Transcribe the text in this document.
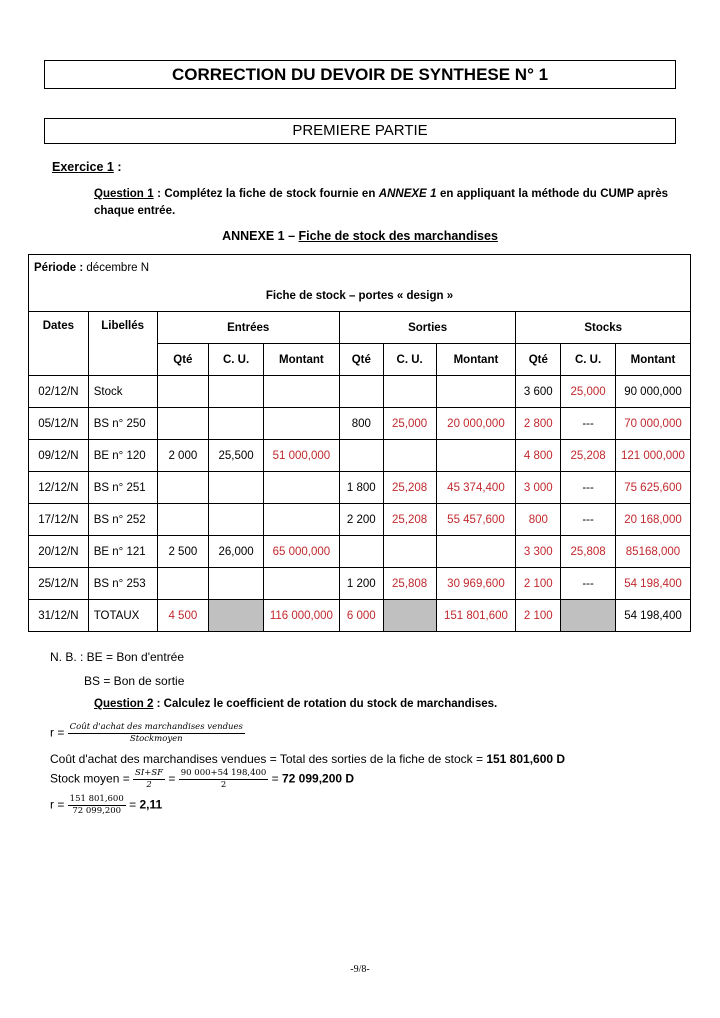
CORRECTION DU DEVOIR DE SYNTHESE N° 1
PREMIERE PARTIE
Exercice 1 :
Question 1 : Complétez la fiche de stock fournie en ANNEXE 1 en appliquant la méthode du CUMP après chaque entrée.
ANNEXE 1 – Fiche de stock des marchandises
Période : décembre N										
Fiche de stock – portes « design »										
Dates	Libellés	Entrées			Sorties			Stocks		
		Qté	C. U.	Montant	Qté	C. U.	Montant	Qté	C. U.	Montant
02/12/N	Stock							3 600	25,000	90 000,000
05/12/N	BS n° 250				800	25,000	20 000,000	2 800	---	70 000,000
09/12/N	BE n° 120	2 000	25,500	51 000,000				4 800	25,208	121 000,000
12/12/N	BS n° 251				1 800	25,208	45 374,400	3 000	---	75 625,600
17/12/N	BS n° 252				2 200	25,208	55 457,600	800	---	20 168,000
20/12/N	BE n° 121	2 500	26,000	65 000,000				3 300	25,808	85168,000
25/12/N	BS n° 253				1 200	25,808	30 969,600	2 100	---	54 198,400
31/12/N	TOTAUX	4 500		116 000,000	6 000		151 801,600	2 100		54 198,400
N. B. : BE = Bon d'entrée
BS = Bon de sortie
Question 2 : Calculez le coefficient de rotation du stock de marchandises.
$r = \frac{\text{Coût d'achat des marchandises vendues}}{\text{Stockmoyen}}$
Coût d'achat des marchandises vendues = Total des sorties de la fiche de stock = 151 801,600 D
Stock moyen = $\frac{SI+SF}{2} = \frac{90 000+54 198,400}{2} = 72$ 099,200 D
$r = \frac{151 801,600}{72 099,200} = 2,11$
-9/8-
